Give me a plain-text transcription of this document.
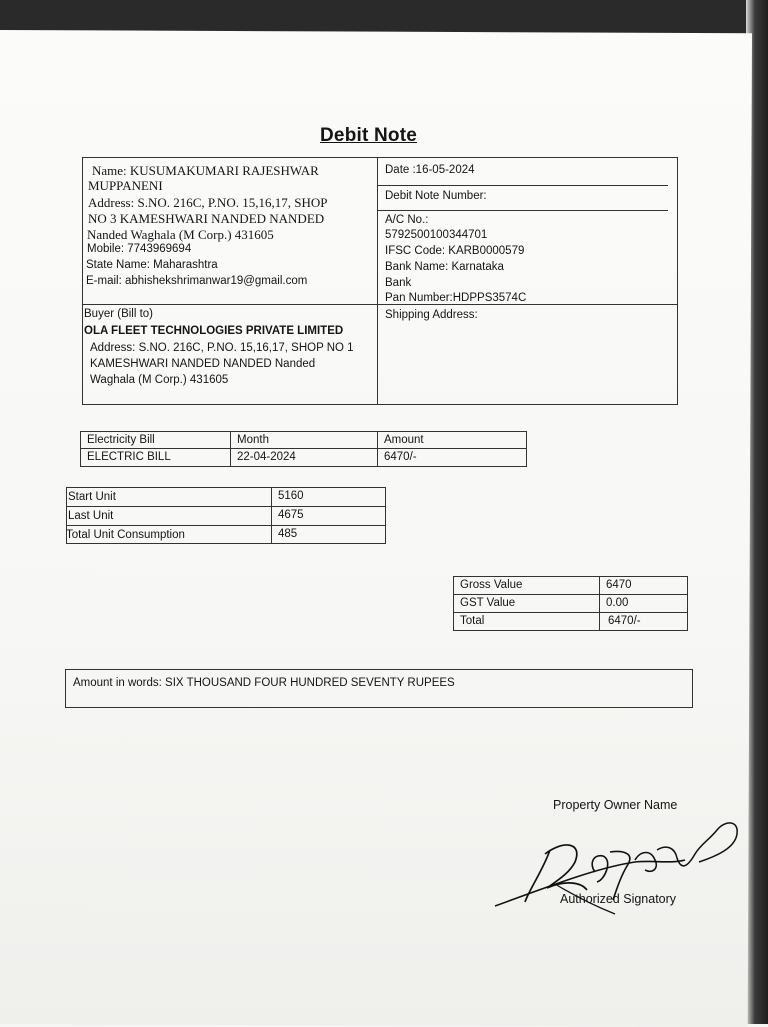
Debit Note
Name: KUSUMAKUMARI RAJESHWAR
MUPPANENI
Address: S.NO. 216C, P.NO. 15,16,17, SHOP
NO 3 KAMESHWARI NANDED NANDED
Nanded Waghala (M Corp.) 431605
Mobile: 7743969694
State Name: Maharashtra
E-mail: abhishekshrimanwar19@gmail.com
Date :16-05-2024
Debit Note Number:
A/C No.:
5792500100344701
IFSC Code: KARB0000579
Bank Name: Karnataka
Bank
Pan Number:HDPPS3574C
Buyer (Bill to)
OLA FLEET TECHNOLOGIES PRIVATE LIMITED
Address: S.NO. 216C, P.NO. 15,16,17, SHOP NO 1
KAMESHWARI NANDED NANDED Nanded
Waghala (M Corp.) 431605
Shipping Address:
Electricity Bill	Month	Amount
ELECTRIC BILL	22-04-2024	6470/-
Start Unit	5160
Last Unit	4675
Total Unit Consumption	485
Gross Value	6470
GST Value	0.00
Total	6470/-
Amount in words: SIX THOUSAND FOUR HUNDRED SEVENTY RUPEES
Property Owner Name
Authorized Signatory
